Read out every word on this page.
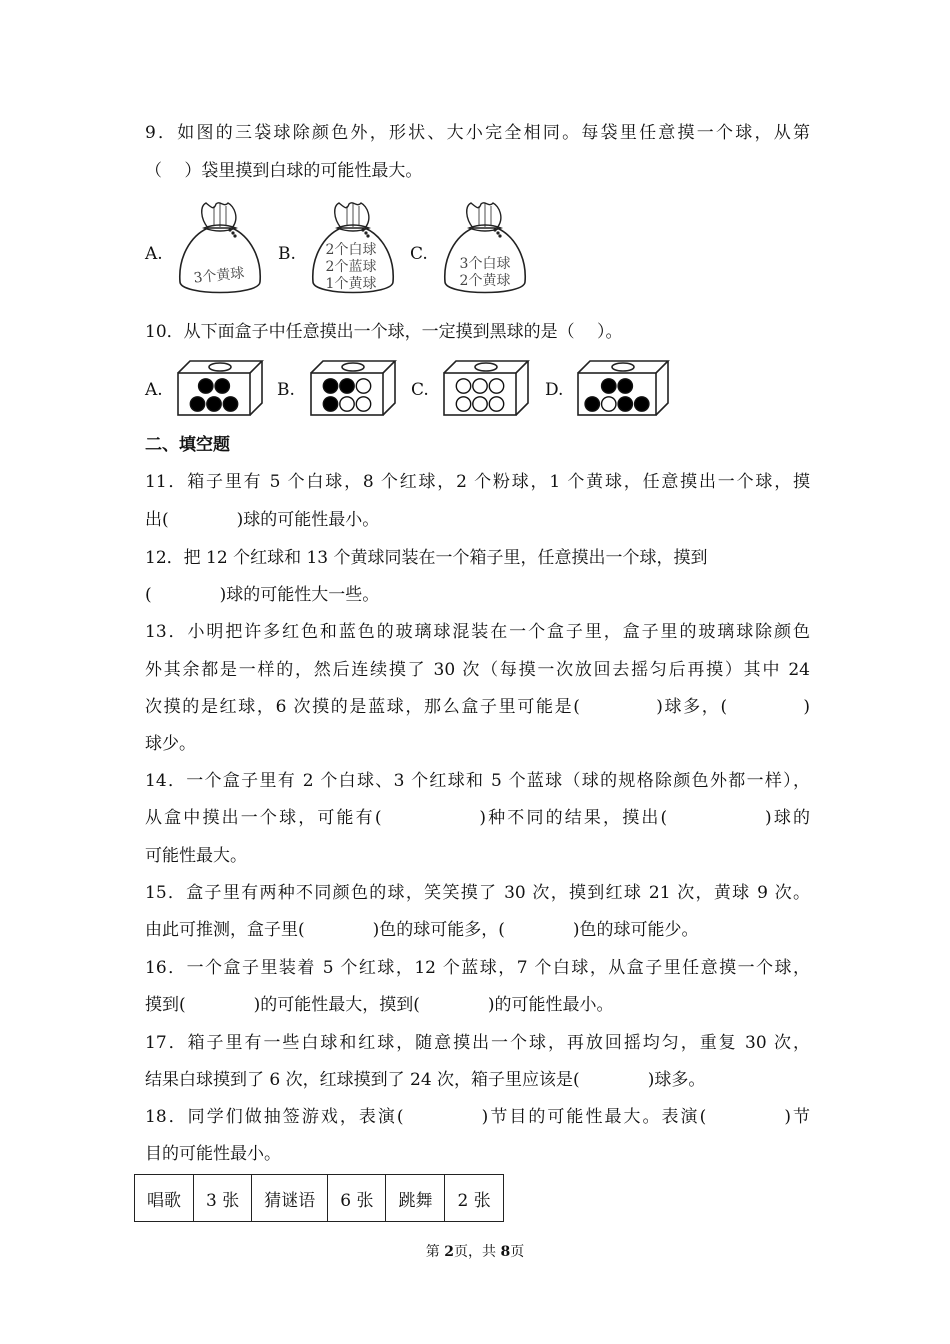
9．如图的三袋球除颜色外，形状、大小完全相同。每袋里任意摸一个球，从第
（　 ）袋里摸到白球的可能性最大。
A.
3个黄球
B. 2个白球
2个蓝球
1个黄球
C. 3个白球
2个黄球
10．从下面盒子中任意摸出一个球，一定摸到黑球的是（　 ）。
A.	B.	C.	D.
二、填空题
11．箱子里有 5 个白球，8 个红球，2 个粉球，1 个黄球，任意摸出一个球，摸
出(　　　　)球的可能性最小。
12．把 12 个红球和 13 个黄球同装在一个箱子里，任意摸出一个球，摸到
(　　　　)球的可能性大一些。
13．小明把许多红色和蓝色的玻璃球混装在一个盒子里，盒子里的玻璃球除颜色
外其余都是一样的，然后连续摸了 30 次（每摸一次放回去摇匀后再摸）其中 24
次摸的是红球，6 次摸的是蓝球，那么盒子里可能是(　　　　)球多，(　　　　)
球少。
14．一个盒子里有 2 个白球、3 个红球和 5 个蓝球（球的规格除颜色外都一样），
从盒中摸出一个球，可能有(　　　　　)种不同的结果，摸出(　　　　　)球的
可能性最大。
15．盒子里有两种不同颜色的球，笑笑摸了 30 次，摸到红球 21 次，黄球 9 次。
由此可推测，盒子里(　　　　)色的球可能多，(　　　　)色的球可能少。
16．一个盒子里装着 5 个红球，12 个蓝球，7 个白球，从盒子里任意摸一个球，
摸到(　　　　)的可能性最大，摸到(　　　　)的可能性最小。
17．箱子里有一些白球和红球，随意摸出一个球，再放回摇均匀，重复 30 次，
结果白球摸到了 6 次，红球摸到了 24 次，箱子里应该是(　　　　)球多。
18．同学们做抽签游戏，表演(　　　　)节目的可能性最大。表演(　　　　)节
目的可能性最小。
唱歌	3 张	猜谜语	6 张	跳舞	2 张
第 2页，共 8页
